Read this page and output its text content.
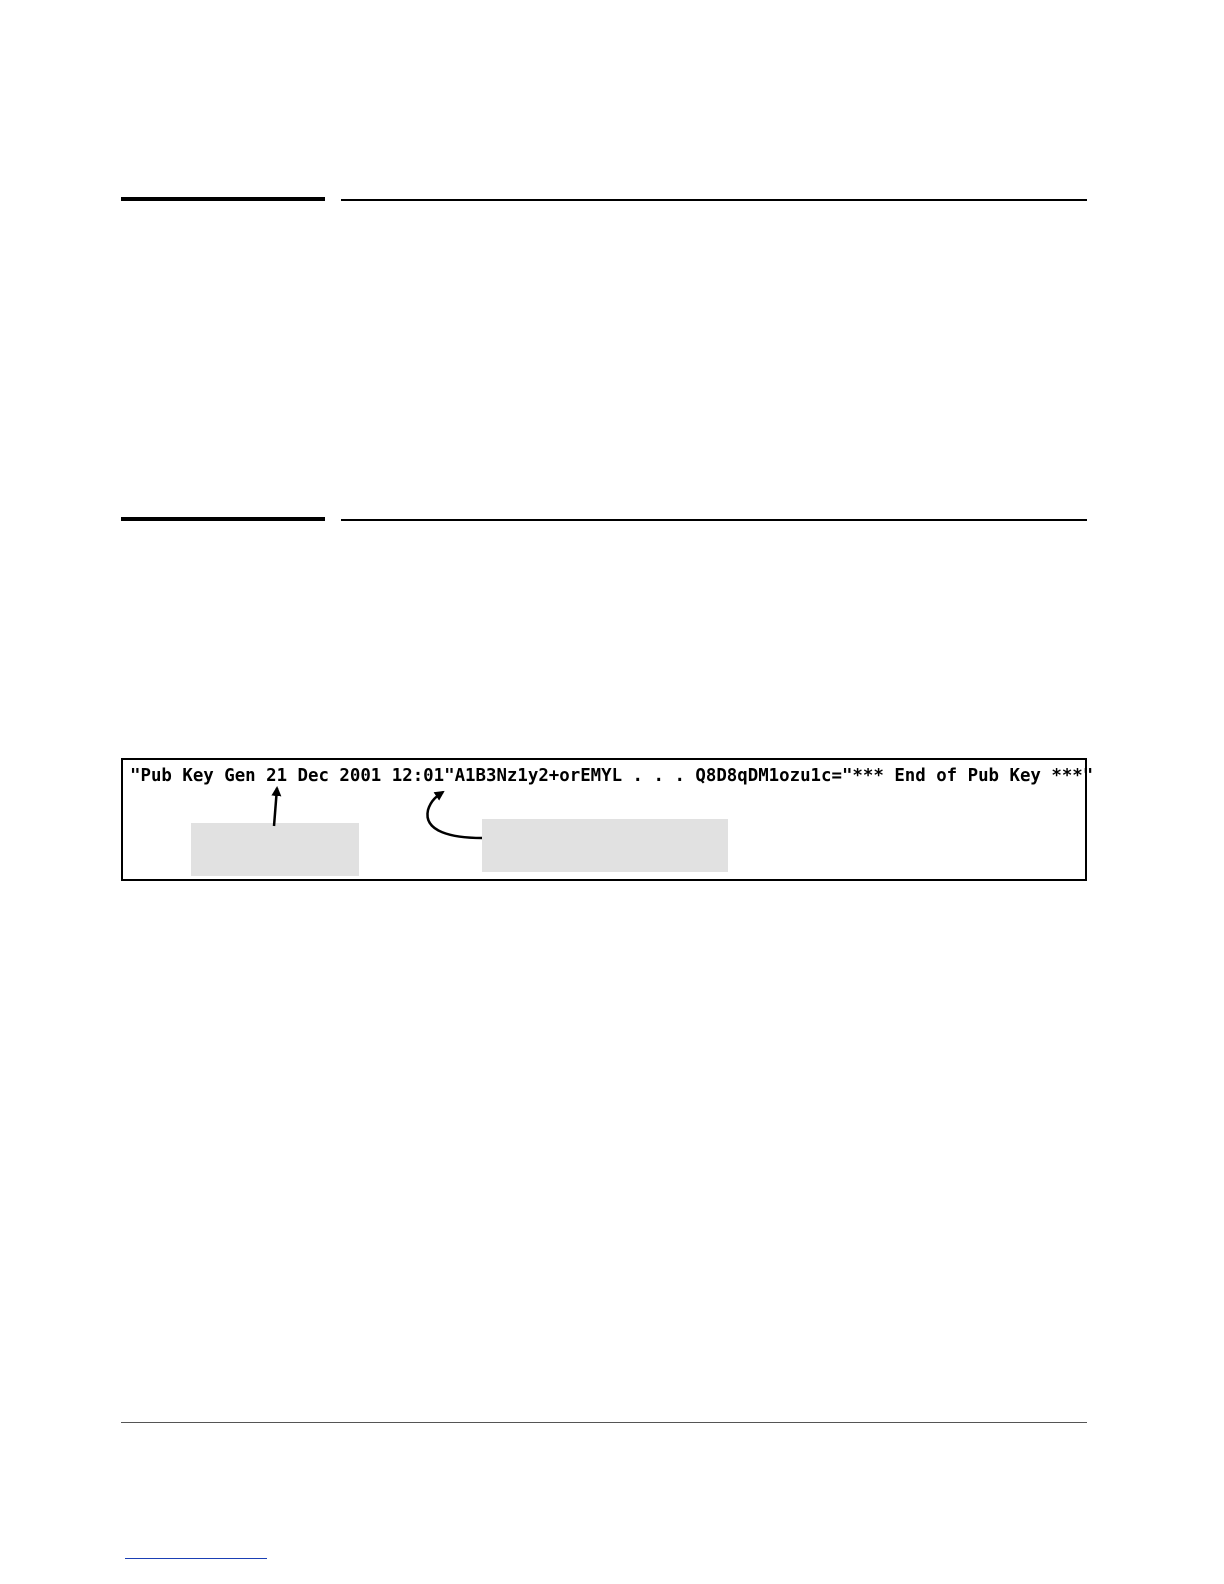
"Pub Key Gen 21 Dec 2001 12:01"A1B3Nz1y2+orEMYL . . . Q8D8qDM1ozu1c="*** End of Pub Key ***"
